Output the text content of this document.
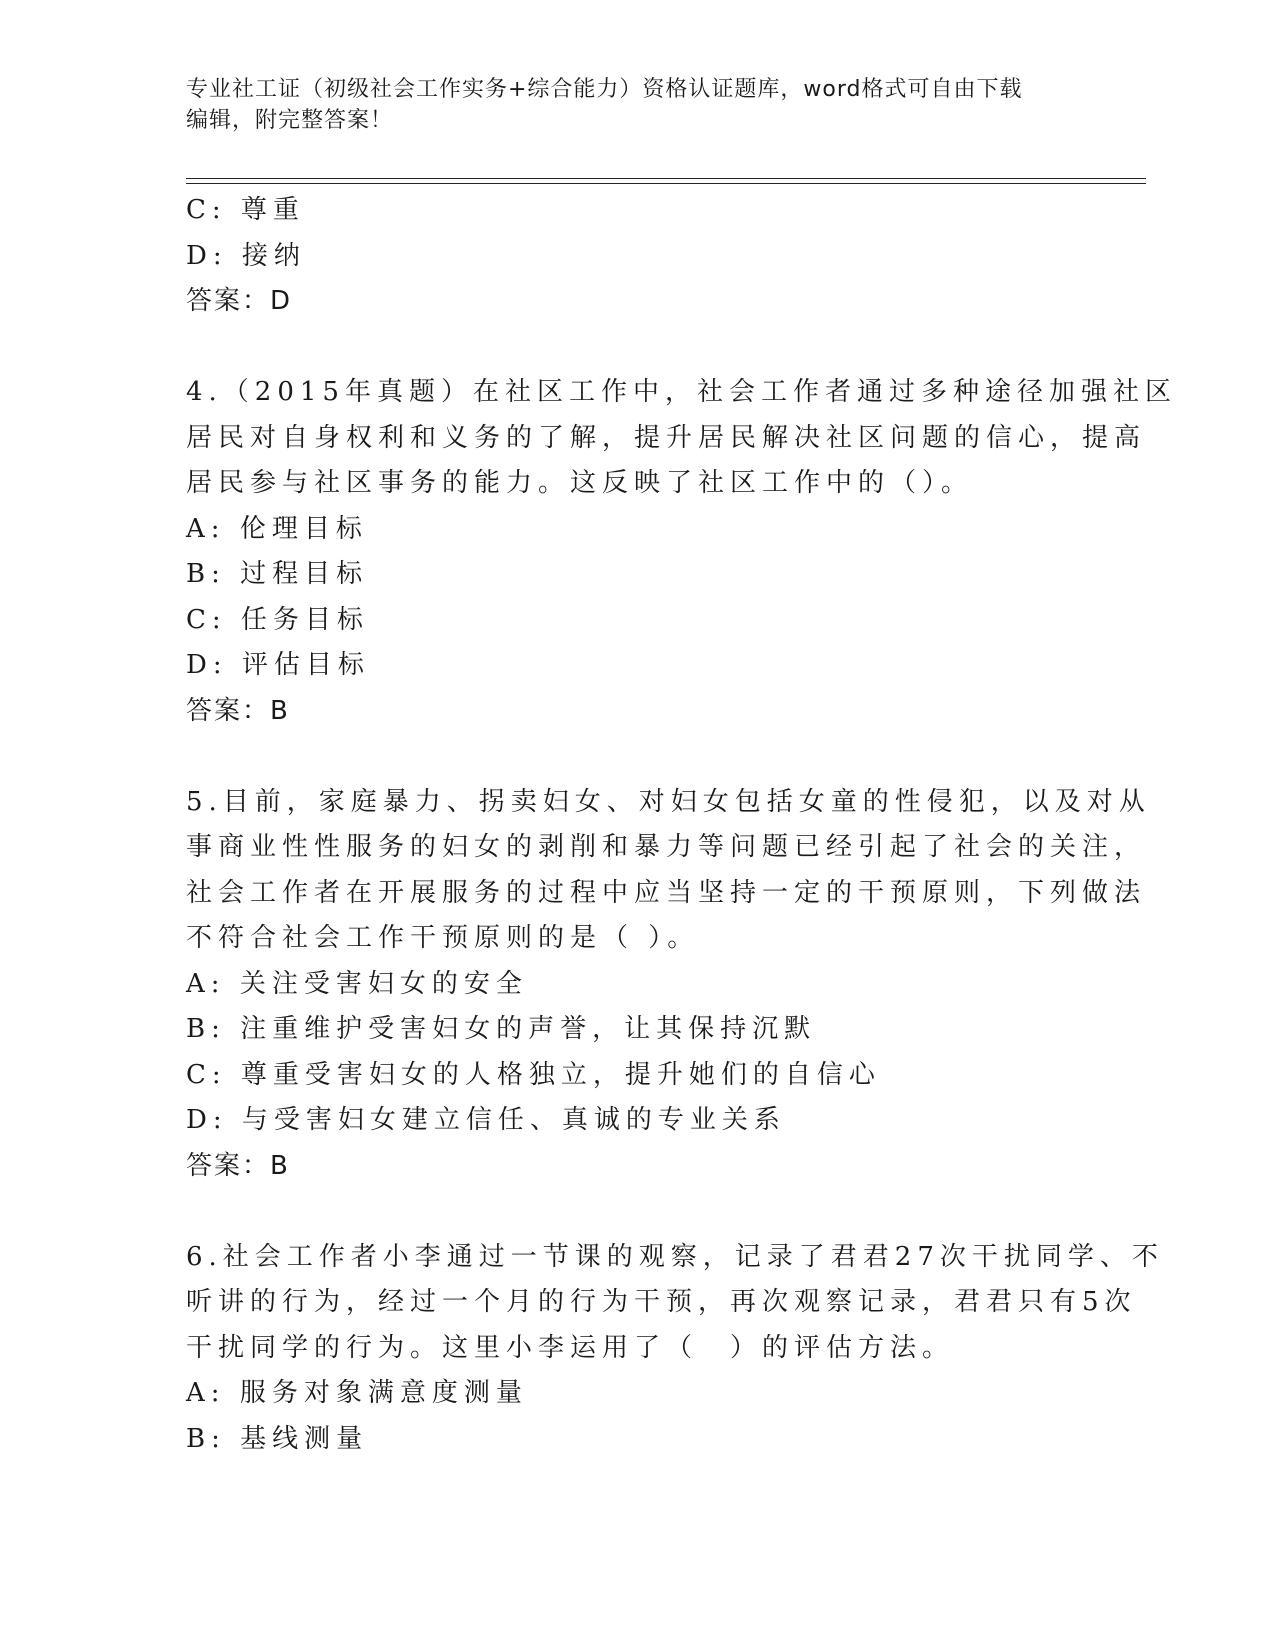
专业社工证（初级社会工作实务+综合能力）资格认证题库，word格式可自由下载
编辑，附完整答案！
C: 尊重
D: 接纳
答案：D
4.（2015年真题）在社区工作中，社会工作者通过多种途径加强社区
居民对自身权利和义务的了解，提升居民解决社区问题的信心，提高
居民参与社区事务的能力。这反映了社区工作中的（）。
A: 伦理目标
B: 过程目标
C: 任务目标
D: 评估目标
答案：B
5.目前，家庭暴力、拐卖妇女、对妇女包括女童的性侵犯，以及对从
事商业性性服务的妇女的剥削和暴力等问题已经引起了社会的关注，
社会工作者在开展服务的过程中应当坚持一定的干预原则，下列做法
不符合社会工作干预原则的是（ ）。
A: 关注受害妇女的安全
B: 注重维护受害妇女的声誉，让其保持沉默
C: 尊重受害妇女的人格独立，提升她们的自信心
D: 与受害妇女建立信任、真诚的专业关系
答案：B
6.社会工作者小李通过一节课的观察，记录了君君27次干扰同学、不
听讲的行为，经过一个月的行为干预，再次观察记录，君君只有5次
干扰同学的行为。这里小李运用了（　）的评估方法。
A: 服务对象满意度测量
B: 基线测量
